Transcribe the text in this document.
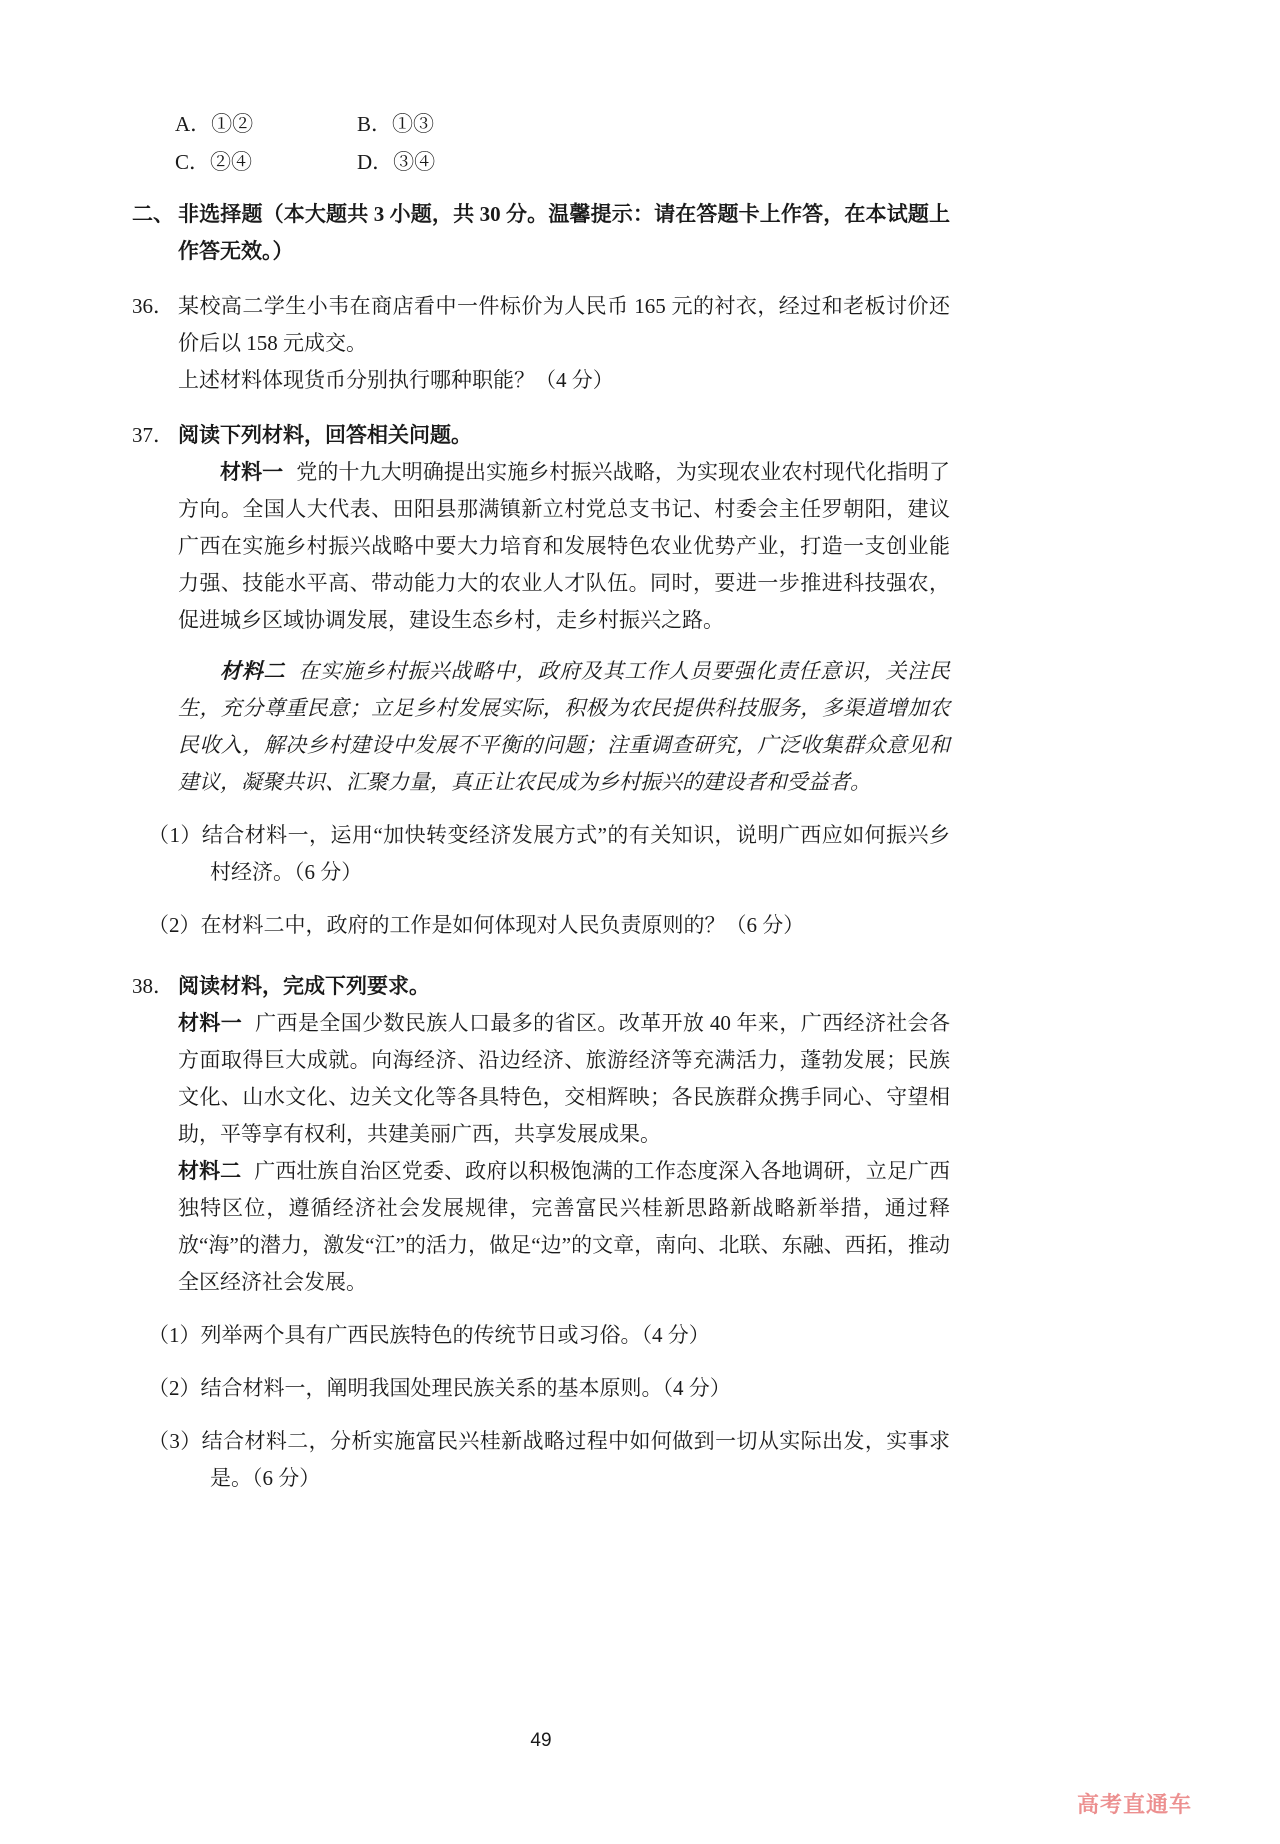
A．①②	B．①③
C．②④	D．③④
二、 非选择题（本大题共 3 小题，共 30 分。温馨提示：请在答题卡上作答，在本试题上作答无效。）
36． 某校高二学生小韦在商店看中一件标价为人民币 165 元的衬衣，经过和老板讨价还价后以 158 元成交。

上述材料体现货币分别执行哪种职能？（4 分）

37． 阅读下列材料，回答相关问题。

材料一 党的十九大明确提出实施乡村振兴战略，为实现农业农村现代化指明了方向。全国人大代表、田阳县那满镇新立村党总支书记、村委会主任罗朝阳，建议广西在实施乡村振兴战略中要大力培育和发展特色农业优势产业，打造一支创业能力强、技能水平高、带动能力大的农业人才队伍。同时，要进一步推进科技强农，促进城乡区域协调发展，建设生态乡村，走乡村振兴之路。

材料二 在实施乡村振兴战略中，政府及其工作人员要强化责任意识，关注民生，充分尊重民意；立足乡村发展实际，积极为农民提供科技服务，多渠道增加农民收入，解决乡村建设中发展不平衡的问题；注重调查研究，广泛收集群众意见和建议，凝聚共识、汇聚力量，真正让农民成为乡村振兴的建设者和受益者。

（1）结合材料一，运用“加快转变经济发展方式”的有关知识，说明广西应如何振兴乡村经济。（6 分）

（2）在材料二中，政府的工作是如何体现对人民负责原则的？（6 分）

38． 阅读材料，完成下列要求。

材料一 广西是全国少数民族人口最多的省区。改革开放 40 年来，广西经济社会各方面取得巨大成就。向海经济、沿边经济、旅游经济等充满活力，蓬勃发展；民族文化、山水文化、边关文化等各具特色，交相辉映；各民族群众携手同心、守望相助，平等享有权利，共建美丽广西，共享发展成果。

材料二 广西壮族自治区党委、政府以积极饱满的工作态度深入各地调研，立足广西独特区位，遵循经济社会发展规律，完善富民兴桂新思路新战略新举措，通过释放“海”的潜力，激发“江”的活力，做足“边”的文章，南向、北联、东融、西拓，推动全区经济社会发展。

（1）列举两个具有广西民族特色的传统节日或习俗。（4 分）

（2）结合材料一，阐明我国处理民族关系的基本原则。（4 分）

（3）结合材料二，分析实施富民兴桂新战略过程中如何做到一切从实际出发，实事求是。（6 分）

49
高考直通车
